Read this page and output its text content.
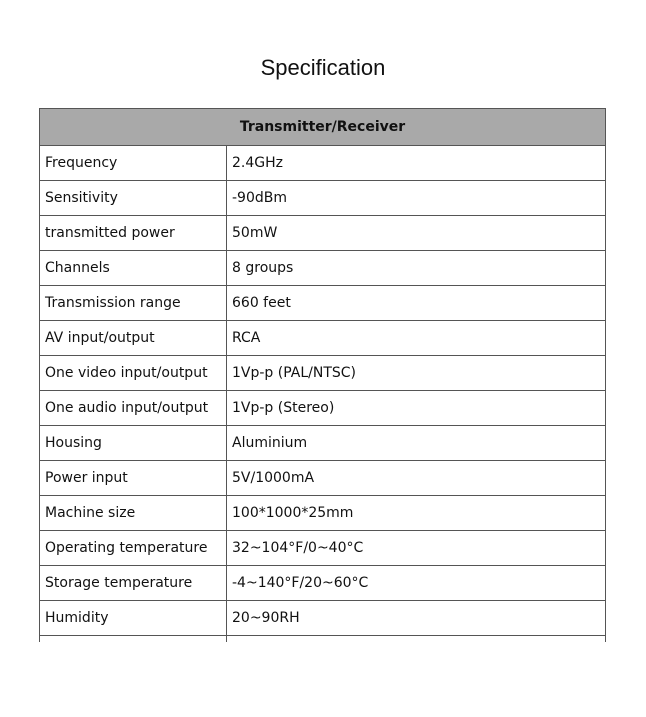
Specification
Transmitter/Receiver	
Frequency	2.4GHz
Sensitivity	-90dBm
transmitted power	50mW
Channels	8 groups
Transmission range	660 feet
AV input/output	RCA
One video input/output	1Vp-p (PAL/NTSC)
One audio input/output	1Vp-p (Stereo)
Housing	Aluminium
Power input	5V/1000mA
Machine size	100*1000*25mm
Operating temperature	32~104°F/0~40°C
Storage temperature	-4~140°F/20~60°C
Humidity	20~90RH
